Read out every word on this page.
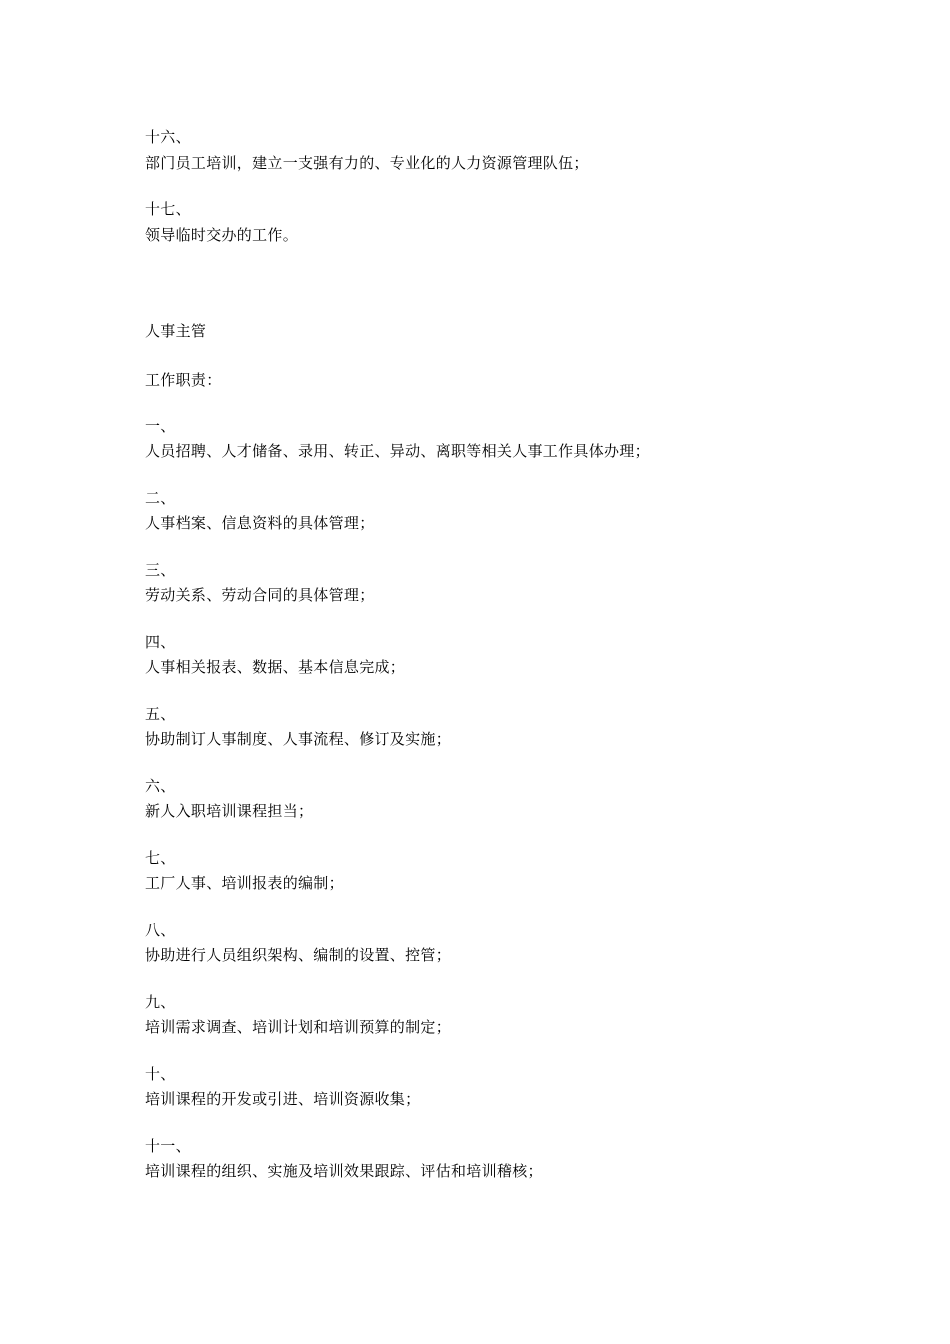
十六、
部门员工培训，建立一支强有力的、专业化的人力资源管理队伍；
十七、
领导临时交办的工作。
人事主管
工作职责：
一、
人员招聘、人才储备、录用、转正、异动、离职等相关人事工作具体办理；
二、
人事档案、信息资料的具体管理；
三、
劳动关系、劳动合同的具体管理；
四、
人事相关报表、数据、基本信息完成；
五、
协助制订人事制度、人事流程、修订及实施；
六、
新人入职培训课程担当；
七、
工厂人事、培训报表的编制；
八、
协助进行人员组织架构、编制的设置、控管；
九、
培训需求调查、培训计划和培训预算的制定；
十、
培训课程的开发或引进、培训资源收集；
十一、
培训课程的组织、实施及培训效果跟踪、评估和培训稽核；
